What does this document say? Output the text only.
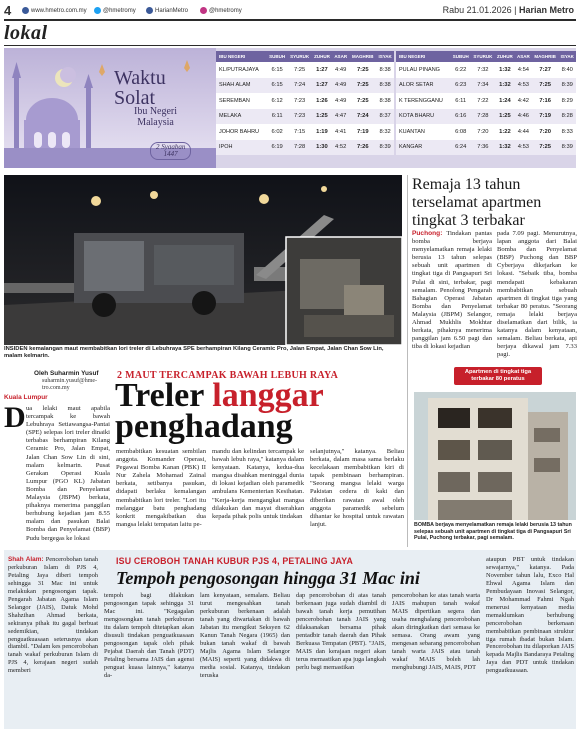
4	www.hmetro.com.my	@hmetromy	HarianMetro	@hmetromy	Rabu 21.01.2026 | Harian Metro
lokal
Waktu
Solat
Ibu Negeri
Malaysia
2 Syaaban
1447
IBU NEGERI	SUBUH	SYURUK	ZUHUR	ASAR	MAGHRIB	ISYAK
KL/PUTRAJAYA	6:15	7:25	1:27	4:49	7:25	8:38
SHAH ALAM	6:15	7:24	1:27	4:49	7:25	8:38
SEREMBAN	6:12	7:23	1:26	4:49	7:25	8:38
MELAKA	6:11	7:23	1:25	4:47	7:24	8:37
JOHOR BAHRU	6:02	7:15	1:19	4:41	7:19	8:32
IPOH	6:19	7:28	1:30	4:52	7:26	8:39
IBU NEGERI	SUBUH	SYURUK	ZUHUR	ASAR	MAGHRIB	ISYAK
PULAU PINANG	6:22	7:32	1:32	4:54	7:27	8:40
ALOR SETAR	6:23	7:34	1:32	4:53	7:25	8:39
K TERENGGANU	6:11	7:22	1:24	4:42	7:16	8:29
KOTA BHARU	6:16	7:28	1:25	4:46	7:19	8:28
KUANTAN	6:08	7:20	1:22	4:44	7:20	8:33
KANGAR	6:24	7:36	1:32	4:53	7:25	8:39
INSIDEN kemalangan maut membabitkan lori treler di Lebuhraya SPE berhampiran Kilang Ceramic Pro, Jalan Empat, Jalan Chan Sow Lin, malam kelmarin.
Remaja 13 tahun terselamat apartmen tingkat 3 terbakar
Puchong: Tindakan pantas bomba berjaya menyelamatkan remaja lelaki berusia 13 tahun selepas sebuah unit apartmen di tingkat tiga di Pangsapuri Sri Pulai di sini, terbakar, pagi semalam. Penolong Pengarah Bahagian Operasi Jabatan Bomba dan Penyelamat Malaysia (JBPM) Selangor, Ahmad Mukhlis Mokhtar berkata, pihaknya menerima panggilan jam 6.50 pagi dan tiba di lokasi kejadian
pada 7.09 pagi. Menurutnya, lapan anggota dari Balai Bomba dan Penyelamat (BBP) Puchong dan BBP Cyberjaya dikejarkan ke lokasi. "Sebaik tiba, bomba mendapati kebakaran membabitkan sebuah apartmen di tingkat tiga yang terbakar 80 peratus. "Seorang remaja lelaki berjaya diselamatkan dari bilik, ia katanya dalam kenyataan, semalam. Beliau berkata, api berjaya dikawal jam 7.33 pagi.
Apartmen di tingkat tiga terbakar 80 peratus
BOMBA berjaya menyelamatkan remaja lelaki berusia 13 tahun selepas sebuah unit apartmen di tingkat tiga di Pangsapuri Sri Pulai, Puchong terbakar, pagi semalam.
Oleh Suharmin Yusuf
suharmin.yusuf@hme-
tro.com.my
2 MAUT TERCAMPAK BAWAH LEBUH RAYA
Treler langgar
penghadang
Kuala Lumpur
D ua lelaki maut apabila tercampak ke bawah Lebuhraya Setiawangsa-Pantai (SPE) selepas lori treler dinaiki terbabas berhampiran Kilang Ceramic Pro, Jalan Empat, Jalan Chan Sow Lin di sini, malam kelmarin. Pusat Gerakan Operasi Kuala Lumpur (PGO KL) Jabatan Bomba dan Penyelamat Malaysia (JBPM) berkata, pihaknya menerima panggilan berhubung kejadian jam 8.55 malam dan pasukan Balai Bomba dan Penyelamat (BBP) Pudu bergegas ke lokasi
membabitkan kesuatan sembilan anggota. Komander Operasi, Pegawai Bomba Kanan (PBK) II Nur Zahela Mohamad Zainal berkata, setibanya pasukan, didapati berlaku kemalangan membabitkan lori treler. "Lori itu melanggar batu penghadang konkrit mengakibatkan dua mangsa lelaki tempatan laitu pe-
mandu dan kelindan tercampak ke bawah lebuh raya," katanya dalam kenyataan. Katanya, kedua-dua mangsa disahkan meninggal dunia di lokasi kejadian oleh paramedik ambulans Kementerian Kesihatan. "Kerja-kerja mengangkat mangsa dilakukan dan mayat diserahkan kepada pihak polis untuk tindakan
selanjutnya," katanya. Beliau berkata, dalam masa sama berlaku kecelakaan membabitkan kiri di tapak pembinaan berhampiran. "Seorang mangsa lelaki warga Pakistan cedera di kaki dan diberikan rawatan awal oleh anggota paramedik sebelum dihantar ke hospital untuk rawatan lanjut.
ISU CEROBOH TANAH KUBUR PJS 4, PETALING JAYA
Tempoh pengosongan hingga 31 Mac ini
Shah Alam: Pencerobohan tanah perkuburan Islam di PJS 4, Petaling Jaya diberi tempoh sehingga 31 Mac ini untuk melakukan pengosongan tapak. Pengarah Jabatan Agama Islam Selangor (JAIS), Datuk Mohd Shahzihan Ahmad berkata, sekiranya pihak itu gagal berbuat sedemikian, tindakan penguatkuasaan seterusnya akan diambil. "Dalam kes pencerobohan tanah wakaf perkuburan Islam di PJS 4, kerajaan negeri sudah memberi
tempoh bagi dilakukan pengosongan tapak sehingga 31 Mac ini. "Kegagalan mengosongkan tanah perkuburan itu dalam tempoh ditetapkan akan disusuli tindakan penguatkuasaan pengosongan tapak oleh pihak Pejabat Daerah dan Tanah (PDT) Petaling bersama JAIS dan agensi penguat kuasa lainnya," katanya da-
lam kenyataan, semalam. Beliau turut mengesahkan tanah perkuburan berkenaan adalah tanah yang diwartakan di bawah Jabatan itu mengikut Seksyen 62 Kanun Tanah Negara (1965) dan bukan tanah wakaf di bawah Majlis Agama Islam Selangor (MAIS) seperti yang didakwa di media sosial. Katanya, tindakan teruska
dap pencerobohan di atas tanah berkenaan juga sudah diambil di bawah tanah kerja pemutihan pencerobohan tanah JAIS yang dilaksanakan bersama pihak pentadbir tanah daerah dan Pihak Berkuasa Tempatan (PBT). "JAIS, MAIS dan kerajaan negeri akan terus memastikan apa juga langkah perlu bagi memastikan
pencerobohan ke atas tanah warta JAIS mahupun tanah wakaf MAIS dipertikan segera dan usaha menghalang pencerobohan akan diringkatkan dari semasa ke semasa. Orang awam yang mengesan sebarang pencerobohan tanah warta JAIS atau tanah wakaf MAIS boleh lah menghubungi JAIS, MAIS, PDT
ataupun PBT untuk tindakan sewajarnya," katanya. Pada November tahun lalu, Exco Hal Ehwal Agama Islam dan Pembudayaan Inovasi Selangor, Dr Mohammad Fahmi Ngah menerusi kenyataan media memaklumkan berhubung pencerobohan berkenaan membabitkan pembinaan struktur tiga rumah ibadat bukan Islam. Pencerobohan itu dilaporkan JAIS kepada Majlis Bandaraya Petaling Jaya dan PDT untuk tindakan penguatkuasaan.
